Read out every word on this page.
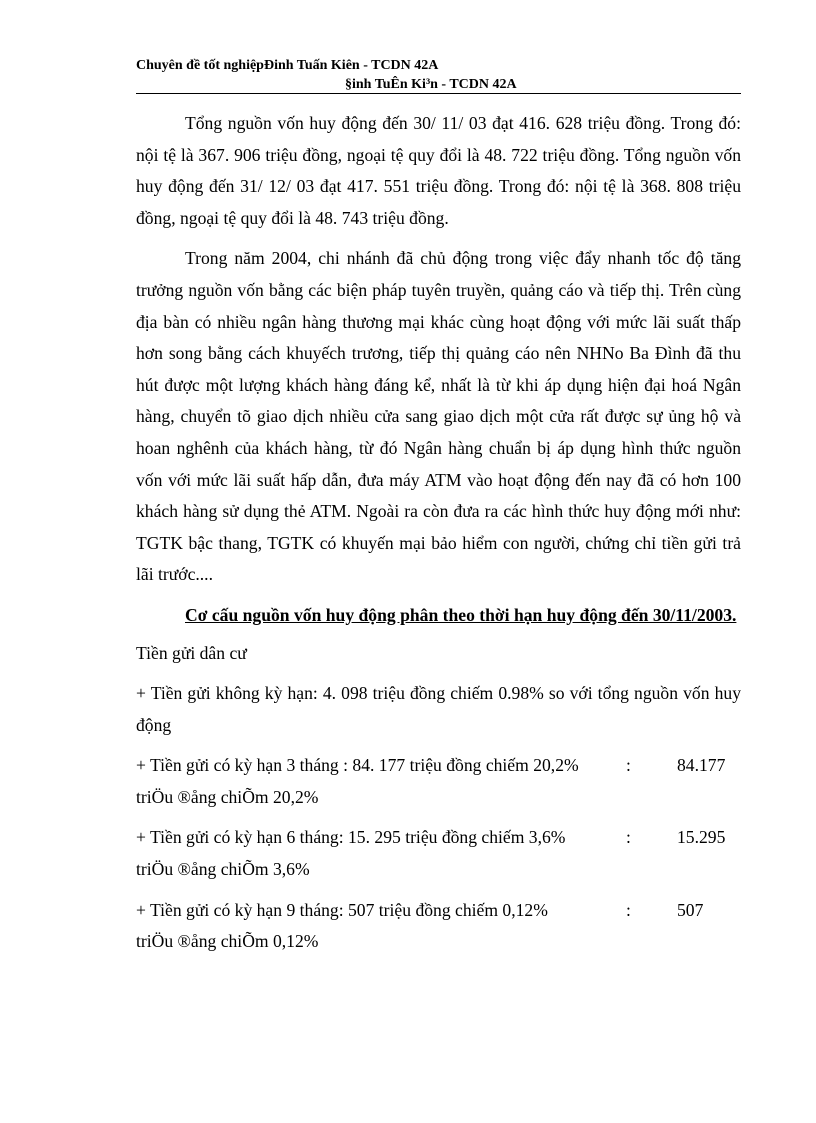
Chuyên đề tốt nghiệpĐinh Tuấn Kiên - TCDN 42A
§inh TuÊn Ki³n - TCDN 42A

Tổng nguồn vốn huy động đến 30/ 11/ 03 đạt 416. 628 triệu đồng. Trong đó: nội tệ là 367. 906 triệu đồng, ngoại tệ quy đổi là 48. 722 triệu đồng. Tổng nguồn vốn huy động đến 31/ 12/ 03 đạt 417. 551 triệu đồng. Trong đó: nội tệ là 368. 808 triệu đồng, ngoại tệ quy đổi là 48. 743 triệu đồng.

Trong năm 2004, chi nhánh đã chủ động trong việc đẩy nhanh tốc độ tăng trưởng nguồn vốn bằng các biện pháp tuyên truyền, quảng cáo và tiếp thị. Trên cùng địa bàn có nhiều ngân hàng thương mại khác cùng hoạt động với mức lãi suất thấp hơn song bằng cách khuyếch trương, tiếp thị quảng cáo nên NHNo Ba Đình đã thu hút được một lượng khách hàng đáng kể, nhất là từ khi áp dụng hiện đại hoá Ngân hàng, chuyển tõ giao dịch nhiều cửa sang giao dịch một cửa rất được sự ủng hộ và hoan nghênh của khách hàng, từ đó Ngân hàng chuẩn bị áp dụng hình thức nguồn vốn với mức lãi suất hấp dẫn, đưa máy ATM vào hoạt động đến nay đã có hơn 100 khách hàng sử dụng thẻ ATM. Ngoài ra còn đưa ra các hình thức huy động mới như: TGTK bậc thang, TGTK có khuyến mại bảo hiểm con người, chứng chỉ tiền gửi trả lãi trước....

Cơ cấu nguồn vốn huy động phân theo thời hạn huy động đến 30/11/2003.

Tiền gửi dân cư

+ Tiền gửi không kỳ hạn: 4. 098 triệu đồng chiếm 0.98% so với tổng nguồn vốn huy động

+ Tiền gửi có kỳ hạn 3 tháng : 84. 177 triệu đồng chiếm 20,2%	:	84.177
triÖu ®ång chiÕm 20,2%
+ Tiền gửi có kỳ hạn 6 tháng: 15. 295 triệu đồng chiếm 3,6%	:	15.295
triÖu ®ång chiÕm 3,6%
+ Tiền gửi có kỳ hạn 9 tháng: 507 triệu đồng chiếm 0,12%	:	507
triÖu ®ång chiÕm 0,12%
